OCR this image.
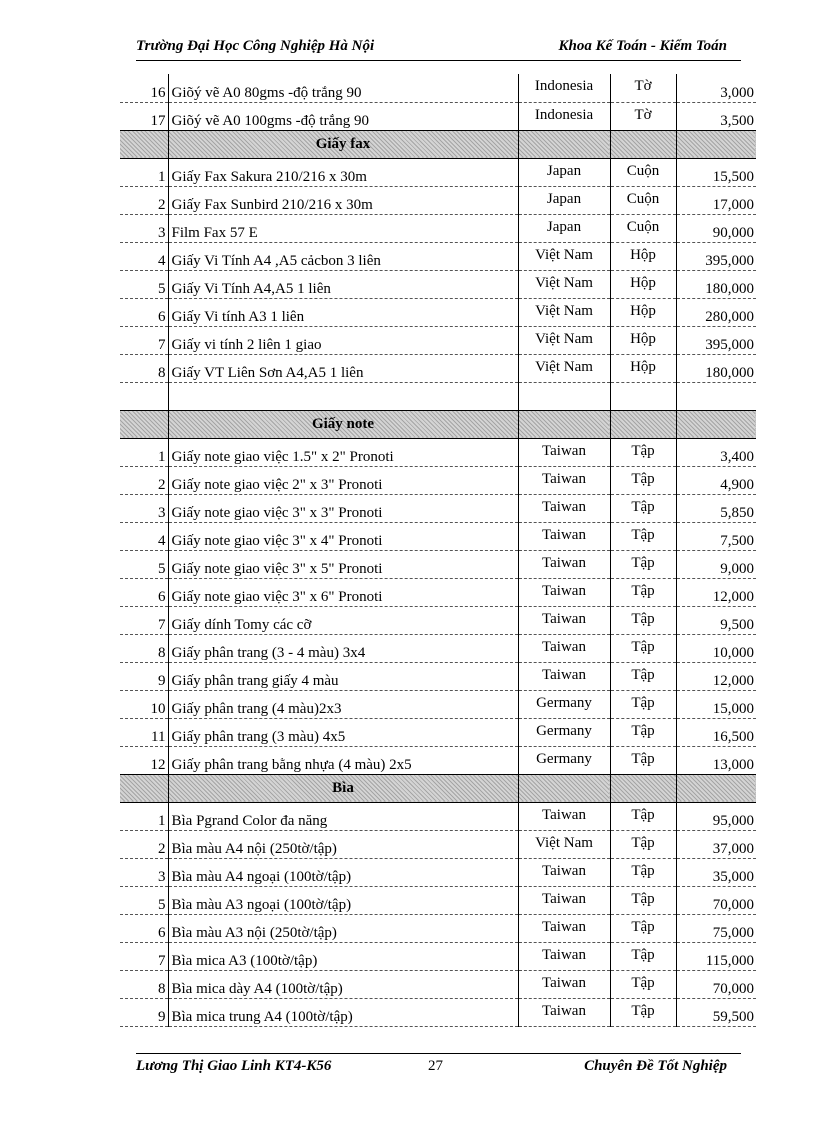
Trường Đại Học Công Nghiệp Hà Nội	Khoa Kế Toán - Kiểm Toán
16	Giõý vẽ A0 80gms -độ trắng 90	Indonesia	Tờ	3,000
17	Giõý vẽ A0 100gms -độ trắng 90	Indonesia	Tờ	3,500
	Giấy fax			
1	Giấy Fax Sakura 210/216 x 30m	Japan	Cuộn	15,500
2	Giấy Fax Sunbird 210/216 x 30m	Japan	Cuộn	17,000
3	Film Fax 57 E	Japan	Cuộn	90,000
4	Giấy Vi Tính A4 ,A5 cảcbon 3 liên	Việt Nam	Hộp	395,000
5	Giấy Vi Tính A4,A5 1 liên	Việt Nam	Hộp	180,000
6	Giấy Vi tính A3 1 liên	Việt Nam	Hộp	280,000
7	Giấy vi tính 2 liên 1 giao	Việt Nam	Hộp	395,000
8	Giấy VT Liên Sơn A4,A5 1 liên	Việt Nam	Hộp	180,000

	Giấy note			
1	Giấy note giao việc 1.5" x 2" Pronoti	Taiwan	Tập	3,400
2	Giấy note giao việc 2" x 3" Pronoti	Taiwan	Tập	4,900
3	Giấy note giao việc 3" x 3" Pronoti	Taiwan	Tập	5,850
4	Giấy note giao việc 3" x 4" Pronoti	Taiwan	Tập	7,500
5	Giấy note giao việc 3" x 5" Pronoti	Taiwan	Tập	9,000
6	Giấy note giao việc 3" x 6" Pronoti	Taiwan	Tập	12,000
7	Giấy dính Tomy các cỡ	Taiwan	Tập	9,500
8	Giấy phân trang (3 - 4 màu) 3x4	Taiwan	Tập	10,000
9	Giấy phân trang giấy 4 màu	Taiwan	Tập	12,000
10	Giấy phân trang (4 màu)2x3	Germany	Tập	15,000
11	Giấy phân trang (3 màu) 4x5	Germany	Tập	16,500
12	Giấy phân trang bằng nhựa (4 màu) 2x5	Germany	Tập	13,000
	Bìa			
1	Bìa Pgrand Color đa năng	Taiwan	Tập	95,000
2	Bìa màu A4 nội (250tờ/tập)	Việt Nam	Tập	37,000
3	Bìa màu A4 ngoại (100tờ/tập)	Taiwan	Tập	35,000
5	Bìa màu A3 ngoại (100tờ/tập)	Taiwan	Tập	70,000
6	Bìa màu A3 nội (250tờ/tập)	Taiwan	Tập	75,000
7	Bìa mica A3 (100tờ/tập)	Taiwan	Tập	115,000
8	Bìa mica dày A4 (100tờ/tập)	Taiwan	Tập	70,000
9	Bìa mica trung A4 (100tờ/tập)	Taiwan	Tập	59,500
Lương Thị Giao Linh KT4-K56	27	Chuyên Đề Tốt Nghiệp
